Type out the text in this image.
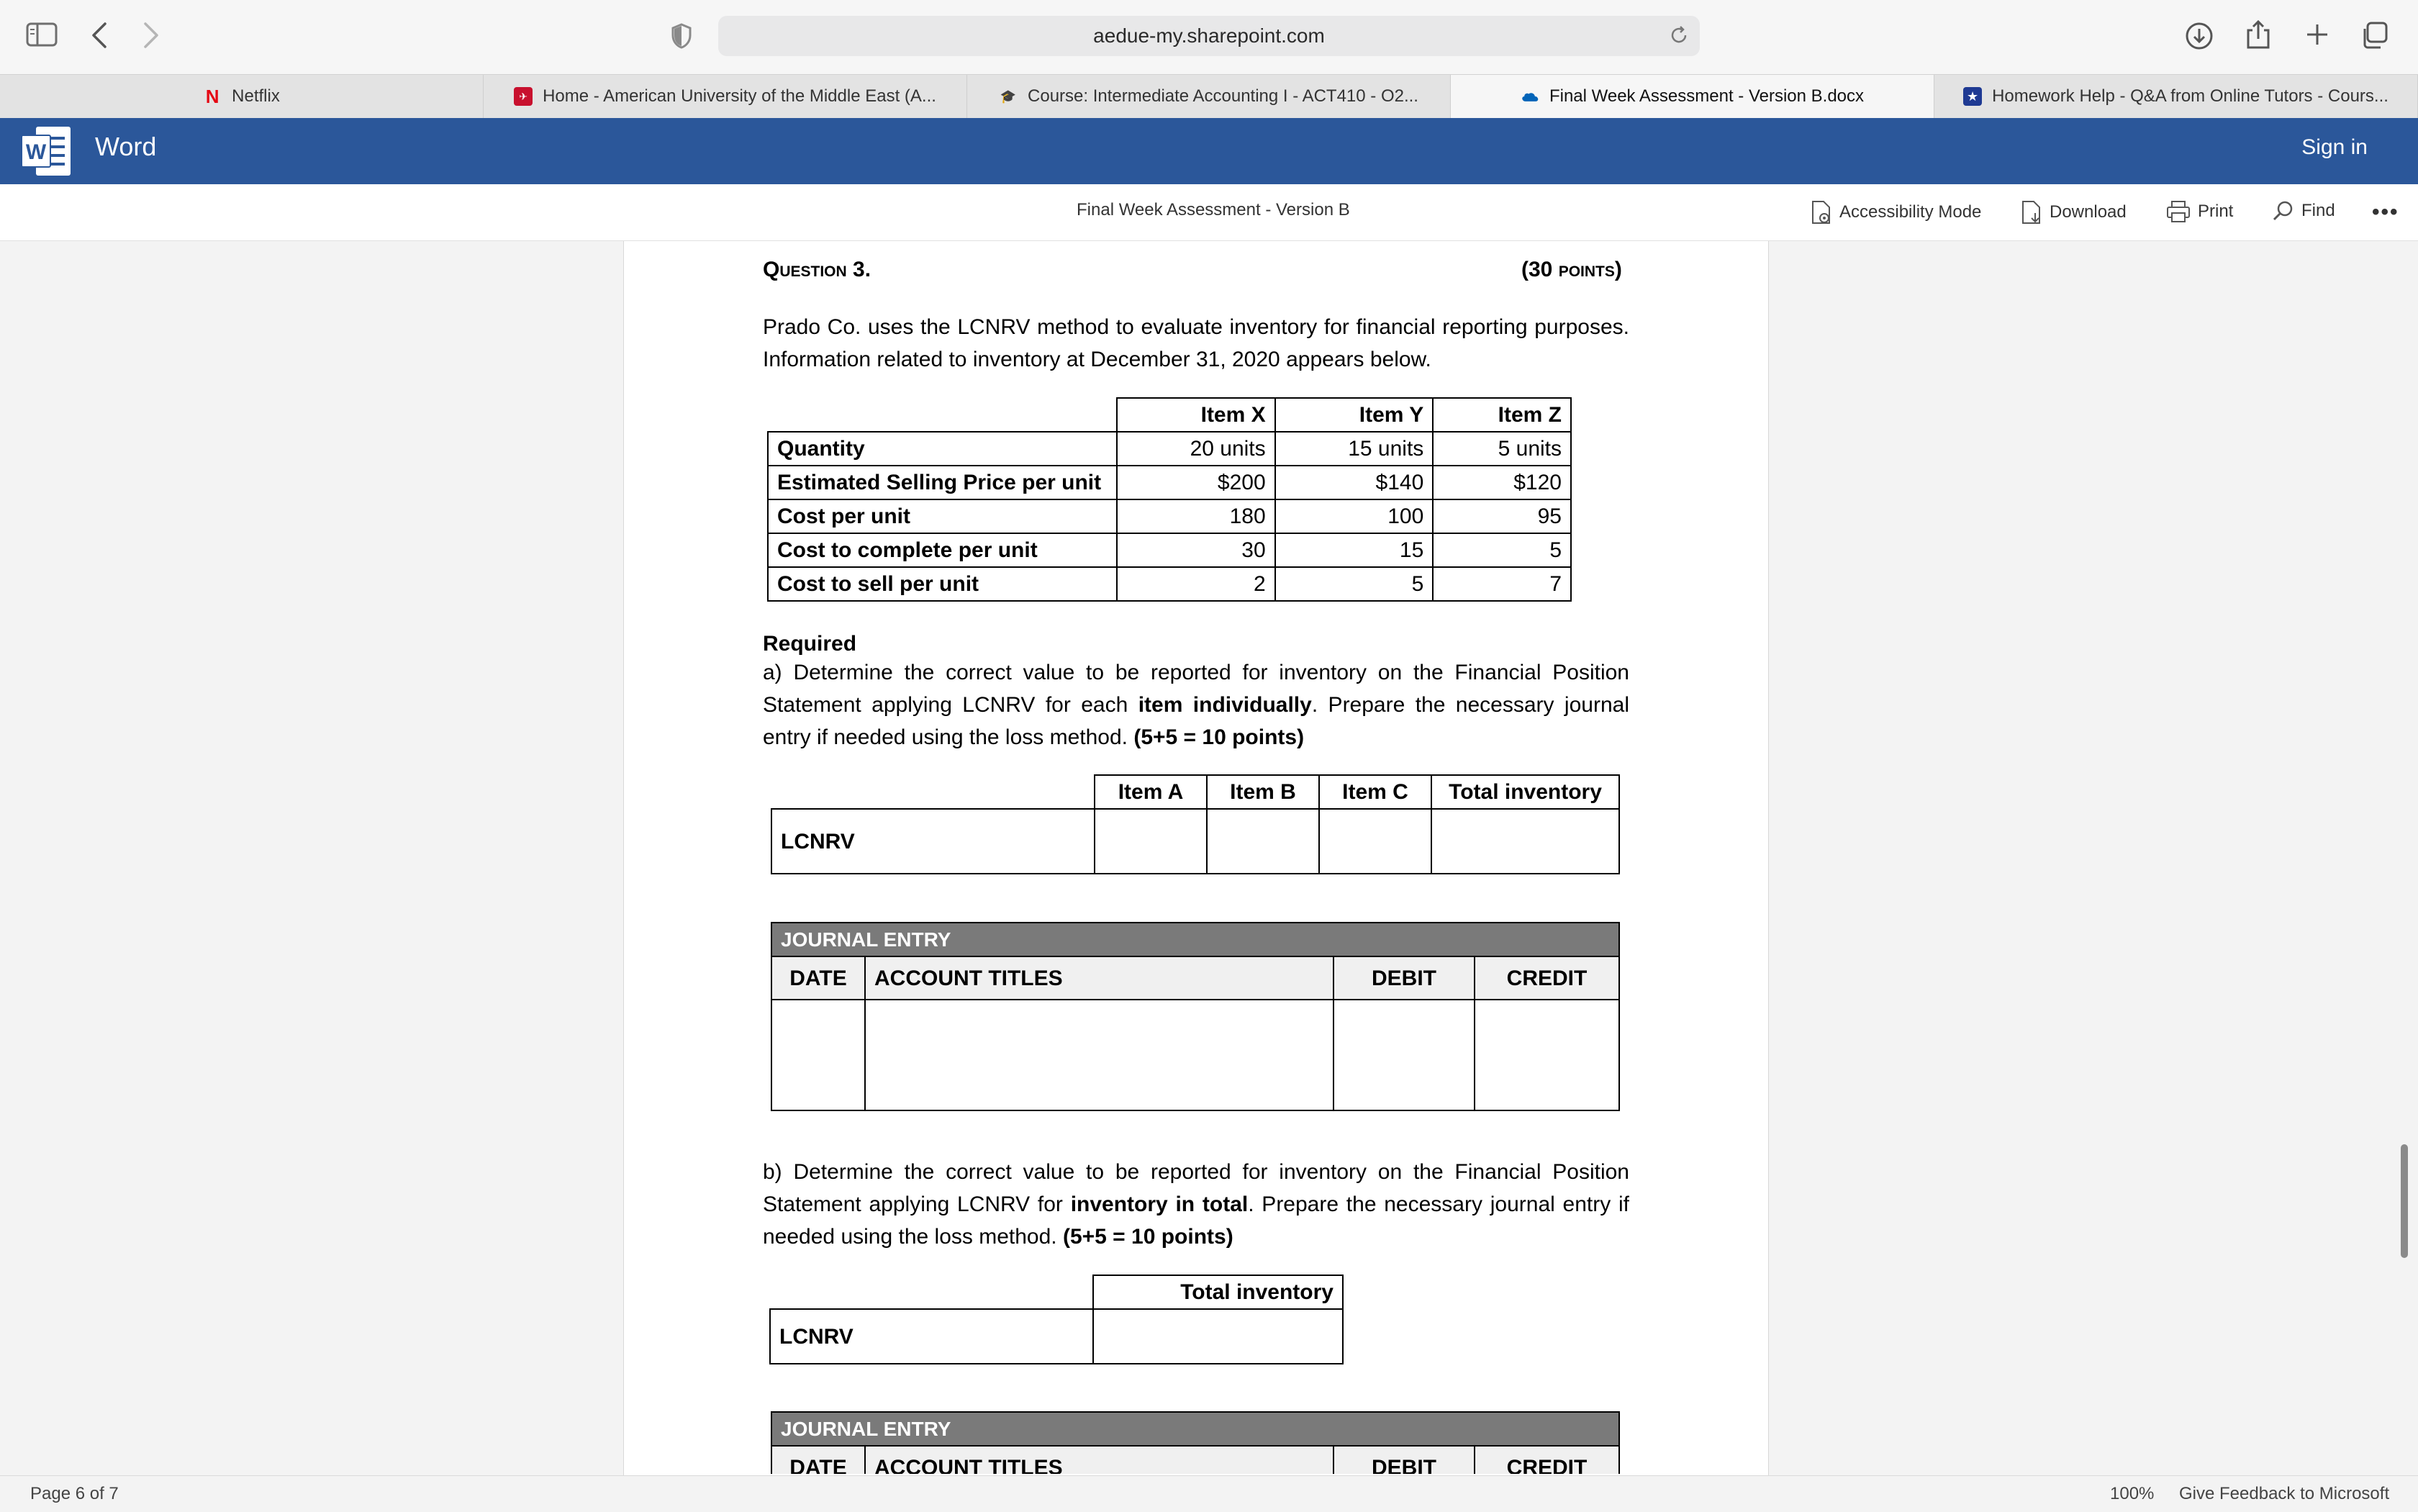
aedue-my.sharepoint.com
N Netflix	✈ Home - American University of the Middle East (A...	🎓 Course: Intermediate Accounting I - ACT410 - O2...	Final Week Assessment - Version B.docx	★ Homework Help - Q&A from Online Tutors - Cours...
W Word	Sign in
Final Week Assessment - Version B	Accessibility Mode	Download	Print	Find •••
Question 3.	(30 points)
Prado Co. uses the LCNRV method to evaluate inventory for financial reporting purposes. Information related to inventory at December 31, 2020 appears below.
	Item X	Item Y	Item Z
Quantity	20 units	15 units	5 units
Estimated Selling Price per unit	$200	$140	$120
Cost per unit	180	100	95
Cost to complete per unit	30	15	5
Cost to sell per unit	2	5	7
Required
a) Determine the correct value to be reported for inventory on the Financial Position Statement applying LCNRV for each item individually. Prepare the necessary journal entry if needed using the loss method. (5+5 = 10 points)
	Item A	Item B	Item C	Total inventory
LCNRV				
JOURNAL ENTRY			
DATE	ACCOUNT TITLES	DEBIT	CREDIT

b) Determine the correct value to be reported for inventory on the Financial Position Statement applying LCNRV for inventory in total. Prepare the necessary journal entry if needed using the loss method. (5+5 = 10 points)
	Total inventory
LCNRV	
JOURNAL ENTRY
DATE	ACCOUNT TITLES	DEBIT	CREDIT
Page 6 of 7	100% Give Feedback to Microsoft
